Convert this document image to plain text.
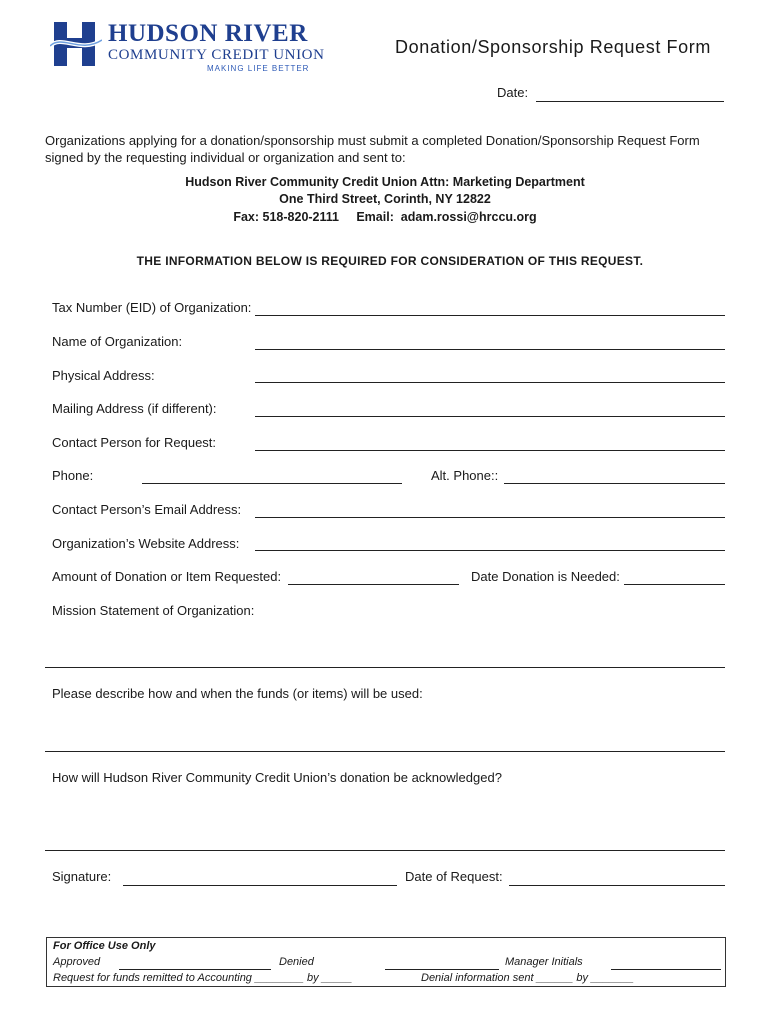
HUDSON RIVER
COMMUNITY CREDIT UNION
MAKING LIFE BETTER
Donation/Sponsorship Request Form
Date:
Organizations applying for a donation/sponsorship must submit a completed Donation/Sponsorship Request Form signed by the requesting individual or organization and sent to:
Hudson River Community Credit Union Attn: Marketing Department
One Third Street, Corinth, NY 12822
Fax: 518-820-2111     Email:  adam.rossi@hrccu.org
THE INFORMATION BELOW IS REQUIRED FOR CONSIDERATION OF THIS REQUEST.
Tax Number (EID) of Organization:
Name of Organization:
Physical Address:
Mailing Address (if different):
Contact Person for Request:
Phone:	Alt. Phone::
Contact Person’s Email Address:
Organization’s Website Address:
Amount of Donation or Item Requested:	Date Donation is Needed:
Mission Statement of Organization:
Please describe how and when the funds (or items) will be used:
How will Hudson River Community Credit Union’s donation be acknowledged?
Signature:	Date of Request:
For Office Use Only
Approved	Denied	Manager Initials
Request for funds remitted to Accounting ________ by _____	Denial information sent ______ by _______
